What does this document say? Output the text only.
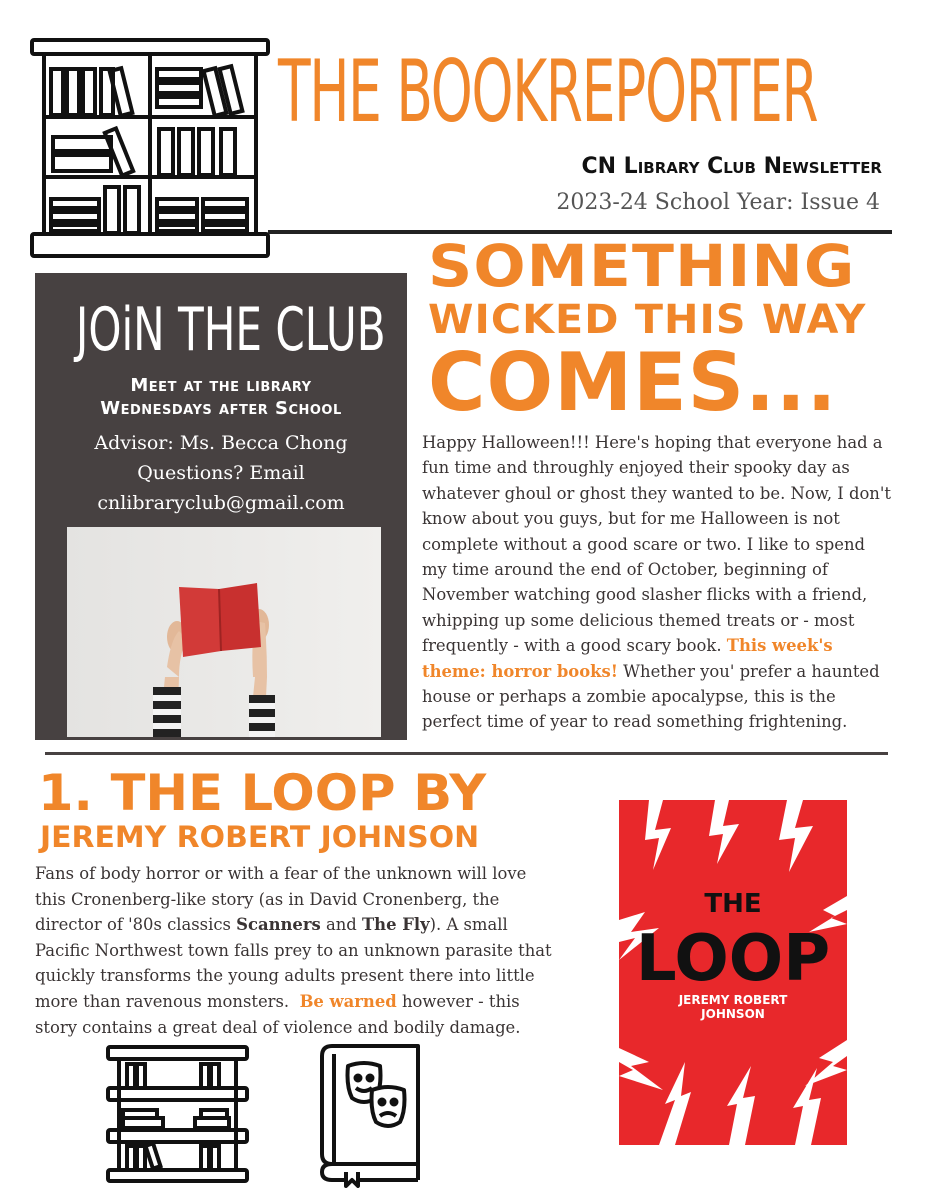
THE BOOKREPORTER
CN Library Club Newsletter
2023-24 School Year: Issue 4
JOiN THE CLUB
Meet at the library
Wednesdays after School
Advisor: Ms. Becca Chong
Questions? Email
cnlibraryclub@gmail.com
SOMETHING
WICKED THIS WAY
COMES...
Happy Halloween!!! Here's hoping that everyone had a fun time and throughly enjoyed their spooky day as whatever ghoul or ghost they wanted to be. Now, I don't know about you guys, but for me Halloween is not complete without a good scare or two. I like to spend my time around the end of October, beginning of November watching good slasher flicks with a friend, whipping up some delicious themed treats or - most frequently - with a good scary book. This week's theme: horror books! Whether you' prefer a haunted house or perhaps a zombie apocalypse, this is the perfect time of year to read something frightening.
1. THE LOOP BY
JEREMY ROBERT JOHNSON
Fans of body horror or with a fear of the unknown will love this Cronenberg-like story (as in David Cronenberg, the director of '80s classics Scanners and The Fly). A small Pacific Northwest town falls prey to an unknown parasite that quickly transforms the young adults present there into little more than ravenous monsters. Be warned however - this story contains a great deal of violence and bodily damage.
THE
LOOP
JEREMY ROBERT
JOHNSON
